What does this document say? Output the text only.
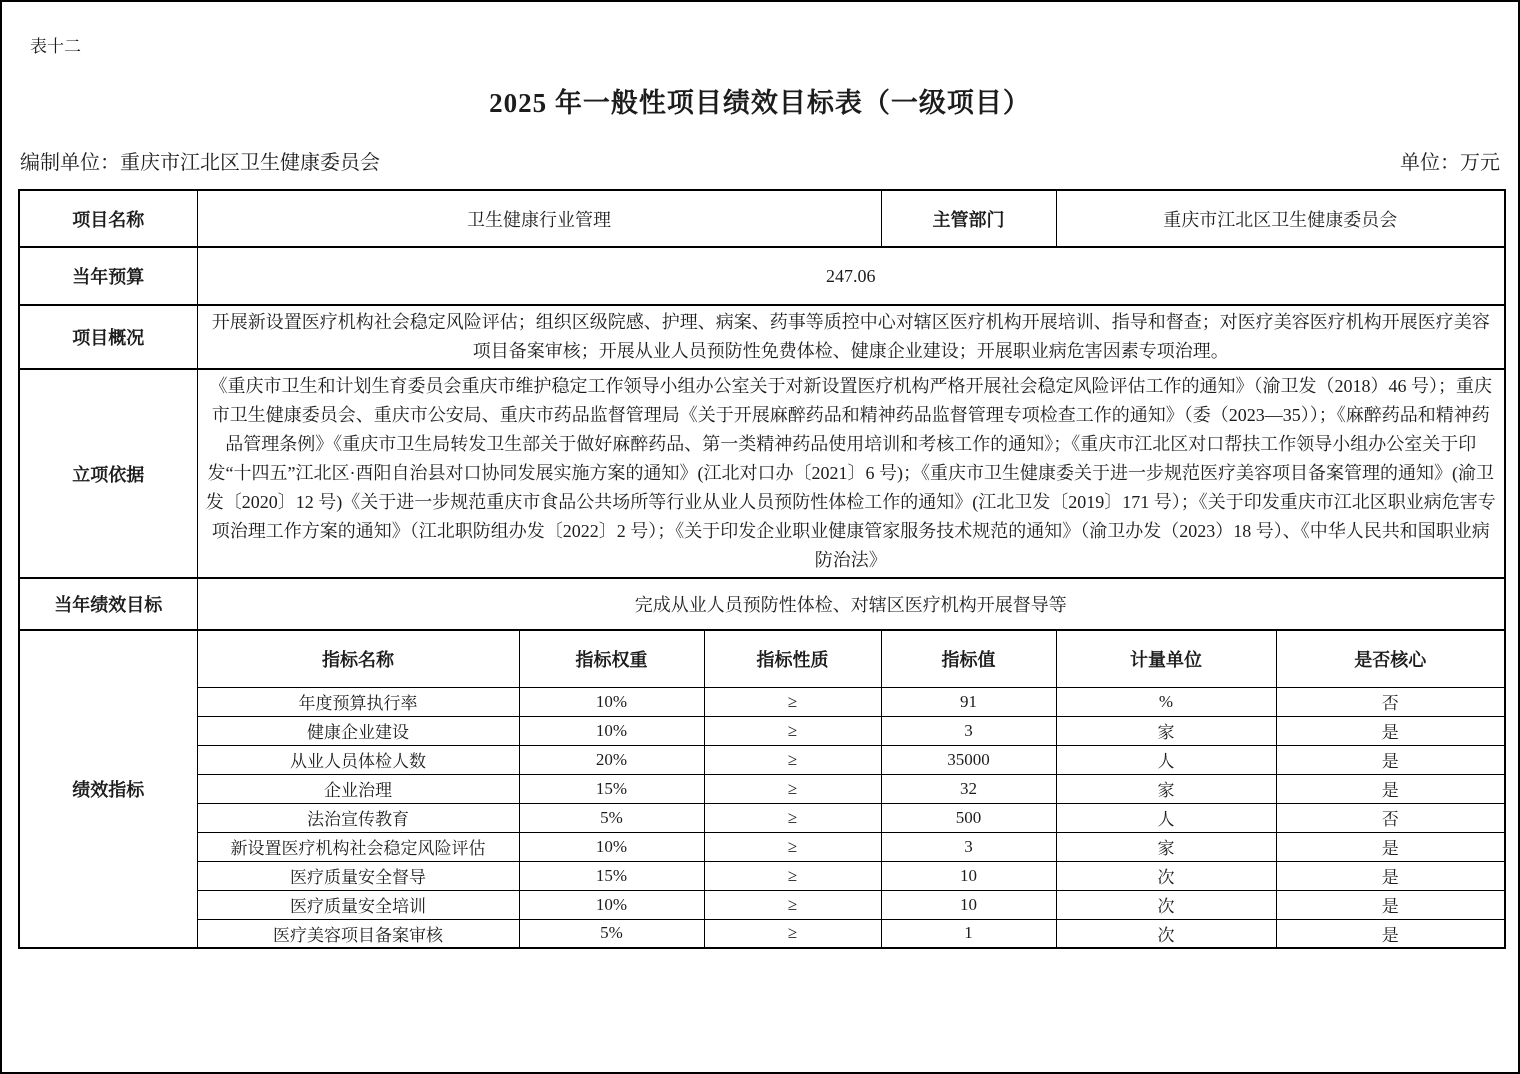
表十二
2025 年一般性项目绩效目标表（一级项目）
编制单位：重庆市江北区卫生健康委员会	单位：万元
项目名称	卫生健康行业管理			主管部门	重庆市江北区卫生健康委员会	
当年预算	247.06					
项目概况	开展新设置医疗机构社会稳定风险评估；组织区级院感、护理、病案、药事等质控中心对辖区医疗机构开展培训、指导和督查；对医疗美容医疗机构开展医疗美容项目备案审核；开展从业人员预防性免费体检、健康企业建设；开展职业病危害因素专项治理。					
立项依据	《重庆市卫生和计划生育委员会重庆市维护稳定工作领导小组办公室关于对新设置医疗机构严格开展社会稳定风险评估工作的通知》（渝卫发（2018）46 号）；重庆市卫生健康委员会、重庆市公安局、重庆市药品监督管理局《关于开展麻醉药品和精神药品监督管理专项检查工作的通知》（委（2023—35））；《麻醉药品和精神药品管理条例》《重庆市卫生局转发卫生部关于做好麻醉药品、第一类精神药品使用培训和考核工作的通知》；《重庆市江北区对口帮扶工作领导小组办公室关于印发“十四五”江北区·酉阳自治县对口协同发展实施方案的通知》(江北对口办〔2021〕6 号)；《重庆市卫生健康委关于进一步规范医疗美容项目备案管理的通知》(渝卫发〔2020〕12 号)《关于进一步规范重庆市食品公共场所等行业从业人员预防性体检工作的通知》(江北卫发〔2019〕171 号）；《关于印发重庆市江北区职业病危害专项治理工作方案的通知》（江北职防组办发〔2022〕2 号）；《关于印发企业职业健康管家服务技术规范的通知》（渝卫办发（2023）18 号）、《中华人民共和国职业病防治法》					
当年绩效目标	完成从业人员预防性体检、对辖区医疗机构开展督导等					
绩效指标	指标名称	指标权重	指标性质	指标值	计量单位	是否核心
	年度预算执行率	10%	≥	91	%	否
	健康企业建设	10%	≥	3	家	是
	从业人员体检人数	20%	≥	35000	人	是
	企业治理	15%	≥	32	家	是
	法治宣传教育	5%	≥	500	人	否
	新设置医疗机构社会稳定风险评估	10%	≥	3	家	是
	医疗质量安全督导	15%	≥	10	次	是
	医疗质量安全培训	10%	≥	10	次	是
	医疗美容项目备案审核	5%	≥	1	次	是
